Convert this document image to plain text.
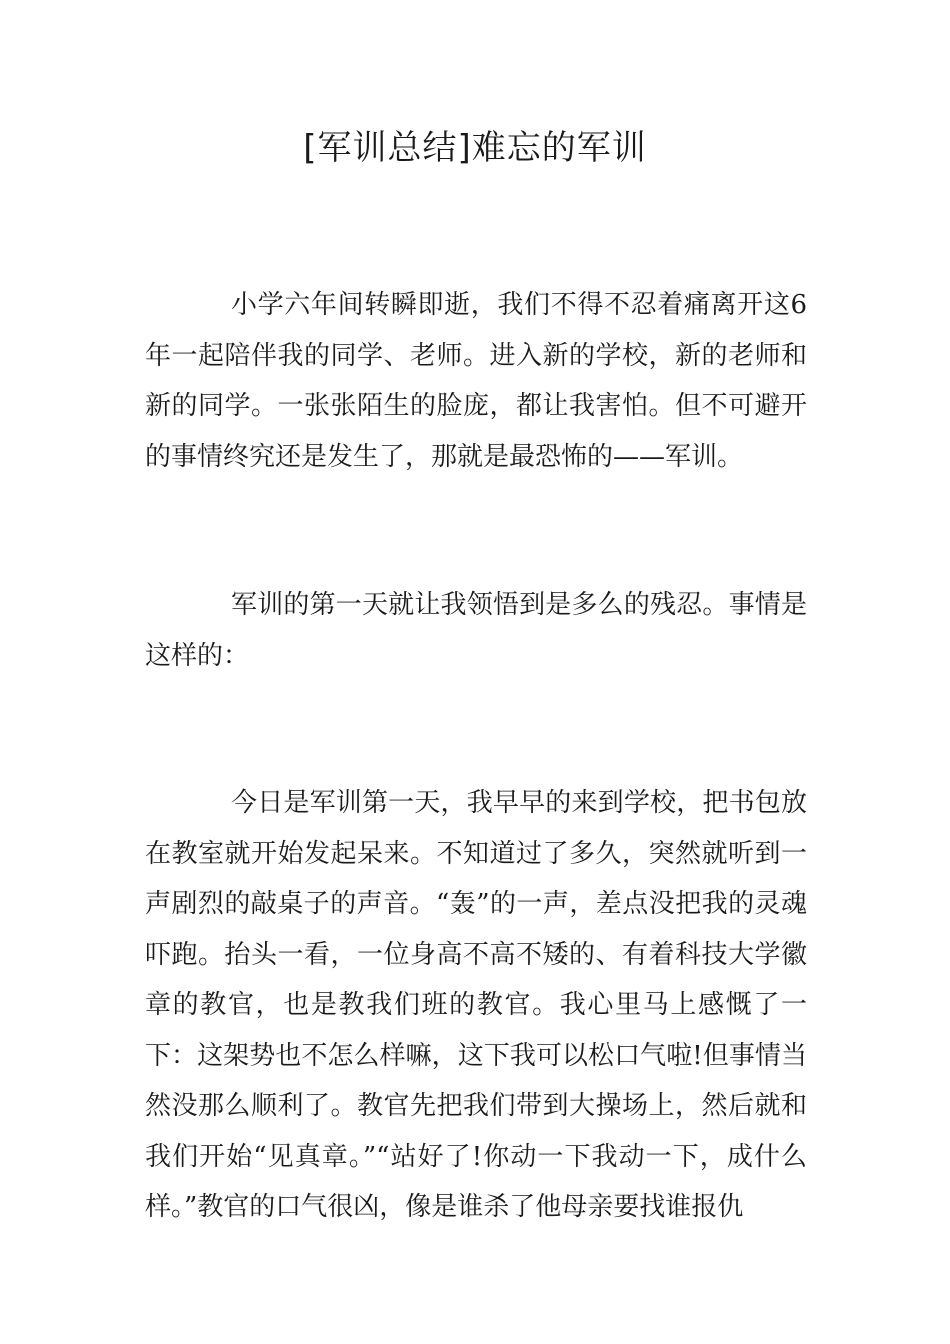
[军训总结]难忘的军训

小学六年间转瞬即逝，我们不得不忍着痛离开这6年一起陪伴我的同学、老师。进入新的学校，新的老师和新的同学。一张张陌生的脸庞，都让我害怕。但不可避开的事情终究还是发生了，那就是最恐怖的——军训。

军训的第一天就让我领悟到是多么的残忍。事情是这样的：

今日是军训第一天，我早早的来到学校，把书包放在教室就开始发起呆来。不知道过了多久，突然就听到一声剧烈的敲桌子的声音。“轰”的一声，差点没把我的灵魂吓跑。抬头一看，一位身高不高不矮的、有着科技大学徽章的教官，也是教我们班的教官。我心里马上感慨了一下：这架势也不怎么样嘛，这下我可以松口气啦!但事情当然没那么顺利了。教官先把我们带到大操场上，然后就和我们开始“见真章。”“站好了!你动一下我动一下，成什么样。”教官的口气很凶，像是谁杀了他母亲要找谁报仇
